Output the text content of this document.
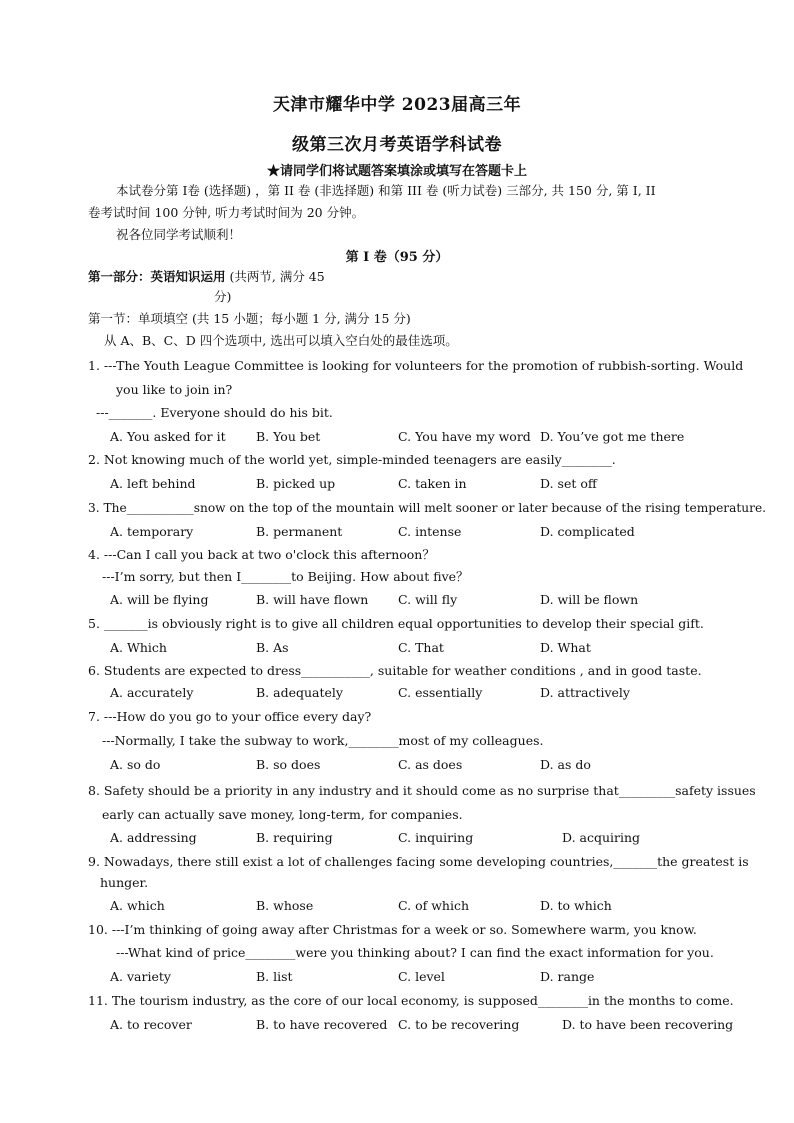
天津市耀华中学 2023届高三年
级第三次月考英语学科试卷
★请同学们将试题答案填涂或填写在答题卡上
本试卷分第 I卷 (选择题) ，第 II 卷 (非选择题) 和第 III 卷 (听力试卷) 三部分, 共 150 分, 第 I, II
卷考试时间 100 分钟, 听力考试时间为 20 分钟。
祝各位同学考试顺利！
第 I 卷（95 分）
第一部分：英语知识运用 (共两节, 满分 45
分)
第一节：单项填空 (共 15 小题；每小题 1 分, 满分 15 分)
从 A、B、C、D 四个选项中, 选出可以填入空白处的最佳选项。
1. ---The Youth League Committee is looking for volunteers for the promotion of rubbish-sorting. Would
you like to join in?
---_______. Everyone should do his bit.
A. You asked for it B. You bet	C. You have my word D. You’ve got me there
2. Not knowing much of the world yet, simple-minded teenagers are easily________.
A. left behind	B. picked up	C. taken in	D. set off
3. The___________snow on the top of the mountain will melt sooner or later because of the rising temperature.
A. temporary	B. permanent	C. intense	D. complicated
4. ---Can I call you back at two o'clock this afternoon？
---I’m sorry, but then I________to Beijing. How about five？
A. will be flying	B. will have flown C. will fly	D. will be flown
5. _______is obviously right is to give all children equal opportunities to develop their special gift.
A. Which	B. As	C. That	D. What
6. Students are expected to dress___________, suitable for weather conditions , and in good taste.
A. accurately	B. adequately	C. essentially	D. attractively
7. ---How do you go to your office every day?
---Normally, I take the subway to work,________most of my colleagues.
A. so do	B. so does	C. as does	D. as do
8. Safety should be a priority in any industry and it should come as no surprise that_________safety issues
early can actually save money, long-term, for companies.
A. addressing	B. requiring	C. inquiring	D. acquiring
9. Nowadays, there still exist a lot of challenges facing some developing countries,_______the greatest is
hunger.
A. which	B. whose	C. of which	D. to which
10. ---I’m thinking of going away after Christmas for a week or so. Somewhere warm, you know.
---What kind of price________were you thinking about? I can find the exact information for you.
A. variety	B. list	C. level	D. range
11. The tourism industry, as the core of our local economy, is supposed________in the months to come.
A. to recover	B. to have recovered C. to be recovering	D. to have been recovering
